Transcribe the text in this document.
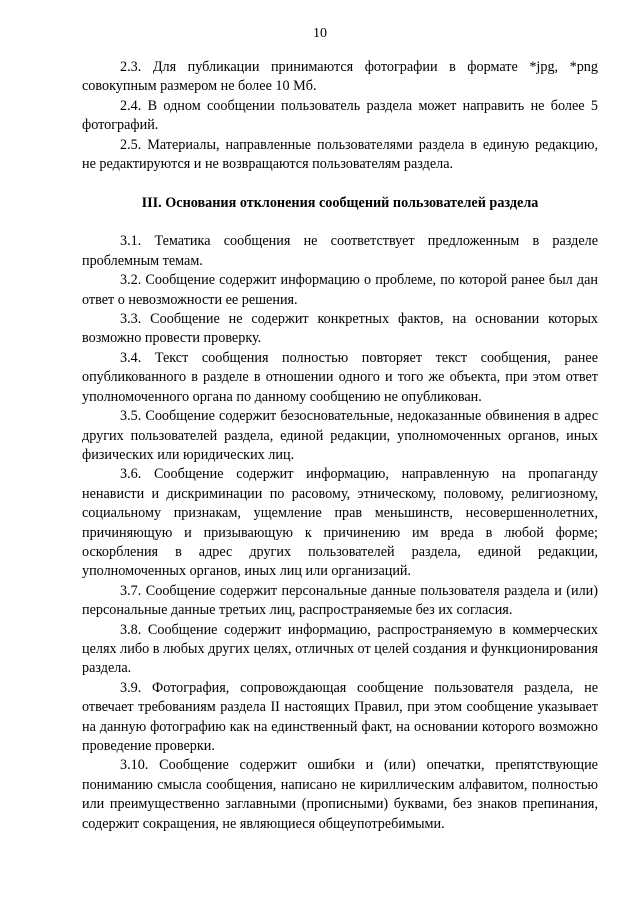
10

2.3. Для публикации принимаются фотографии в формате *jpg, *png совокупным размером не более 10 Мб.

2.4. В одном сообщении пользователь раздела может направить не более 5 фотографий.

2.5. Материалы, направленные пользователями раздела в единую редакцию, не редактируются и не возвращаются пользователям раздела.

III. Основания отклонения сообщений пользователей раздела

3.1. Тематика сообщения не соответствует предложенным в разделе проблемным темам.

3.2. Сообщение содержит информацию о проблеме, по которой ранее был дан ответ о невозможности ее решения.

3.3. Сообщение не содержит конкретных фактов, на основании которых возможно провести проверку.

3.4. Текст сообщения полностью повторяет текст сообщения, ранее опубликованного в разделе в отношении одного и того же объекта, при этом ответ уполномоченного органа по данному сообщению не опубликован.

3.5. Сообщение содержит безосновательные, недоказанные обвинения в адрес других пользователей раздела, единой редакции, уполномоченных органов, иных физических или юридических лиц.

3.6. Сообщение содержит информацию, направленную на пропаганду ненависти и дискриминации по расовому, этническому, половому, религиозному, социальному признакам, ущемление прав меньшинств, несовершеннолетних, причиняющую и призывающую к причинению им вреда в любой форме; оскорбления в адрес других пользователей раздела, единой редакции, уполномоченных органов, иных лиц или организаций.

3.7. Сообщение содержит персональные данные пользователя раздела и (или) персональные данные третьих лиц, распространяемые без их согласия.

3.8. Сообщение содержит информацию, распространяемую в коммерческих целях либо в любых других целях, отличных от целей создания и функционирования раздела.

3.9. Фотография, сопровождающая сообщение пользователя раздела, не отвечает требованиям раздела II настоящих Правил, при этом сообщение указывает на данную фотографию как на единственный факт, на основании которого возможно проведение проверки.

3.10. Сообщение содержит ошибки и (или) опечатки, препятствующие пониманию смысла сообщения, написано не кириллическим алфавитом, полностью или преимущественно заглавными (прописными) буквами, без знаков препинания, содержит сокращения, не являющиеся общеупотребимыми.
